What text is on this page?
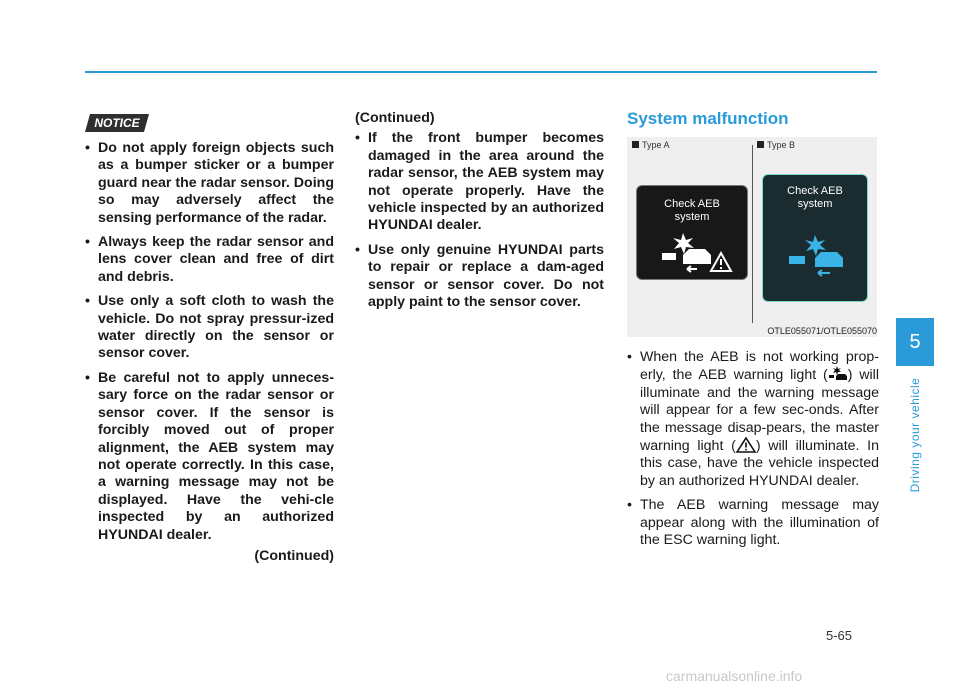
NOTICE
• Do not apply foreign objects such as a bumper sticker or a bumper guard near the radar sensor. Doing so may adversely affect the sensing performance of the radar.
• Always keep the radar sensor and lens cover clean and free of dirt and debris.
• Use only a soft cloth to wash the vehicle. Do not spray pressur-ized water directly on the sensor or sensor cover.
• Be careful not to apply unneces-sary force on the radar sensor or sensor cover. If the sensor is forcibly moved out of proper alignment, the AEB system may not operate correctly. In this case, a warning message may not be displayed. Have the vehi-cle inspected by an authorized HYUNDAI dealer.
(Continued)
(Continued)
• If the front bumper becomes damaged in the area around the radar sensor, the AEB system may not operate properly. Have the vehicle inspected by an authorized HYUNDAI dealer.
• Use only genuine HYUNDAI parts to repair or replace a dam-aged sensor or sensor cover. Do not apply paint to the sensor cover.
System malfunction
Type A	Type B
Check AEB
system
Check AEB
system
OTLE055071/OTLE055070
• When the AEB is not working prop-erly, the AEB warning light ( ) will illuminate and the warning message will appear for a few sec-onds. After the message disap-pears, the master warning light ( ) will illuminate. In this case, have the vehicle inspected by an authorized HYUNDAI dealer.
• The AEB warning message may appear along with the illumination of the ESC warning light.
5
Driving your vehicle
5-65
carmanualsonline.info
